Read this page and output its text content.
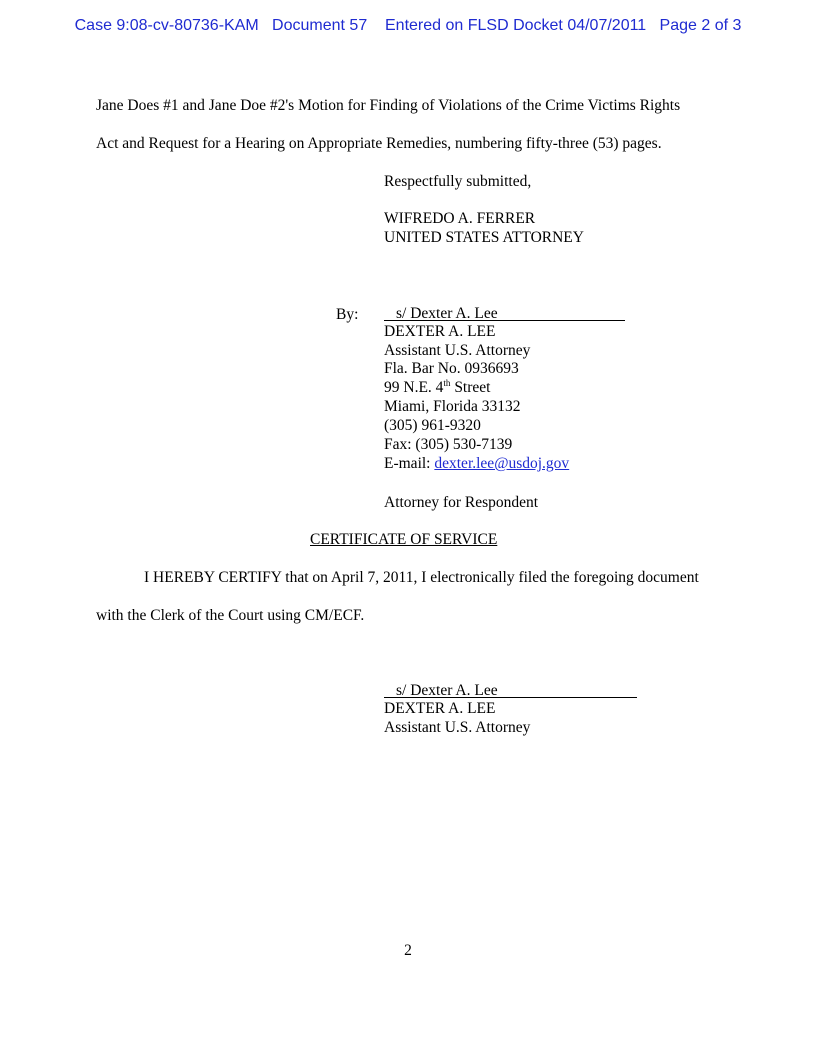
Case 9:08-cv-80736-KAM Document 57 Entered on FLSD Docket 04/07/2011 Page 2 of 3
Jane Does #1 and Jane Doe #2's Motion for Finding of Violations of the Crime Victims Rights
Act and Request for a Hearing on Appropriate Remedies, numbering fifty-three (53) pages.
Respectfully submitted,
WIFREDO A. FERRER
UNITED STATES ATTORNEY
By: s/ Dexter A. Lee
DEXTER A. LEE
Assistant U.S. Attorney
Fla. Bar No. 0936693
99 N.E. 4th Street
Miami, Florida 33132
(305) 961-9320
Fax: (305) 530-7139
E-mail: dexter.lee@usdoj.gov
Attorney for Respondent
CERTIFICATE OF SERVICE
I HEREBY CERTIFY that on April 7, 2011, I electronically filed the foregoing document
with the Clerk of the Court using CM/ECF.
s/ Dexter A. Lee
DEXTER A. LEE
Assistant U.S. Attorney
2
